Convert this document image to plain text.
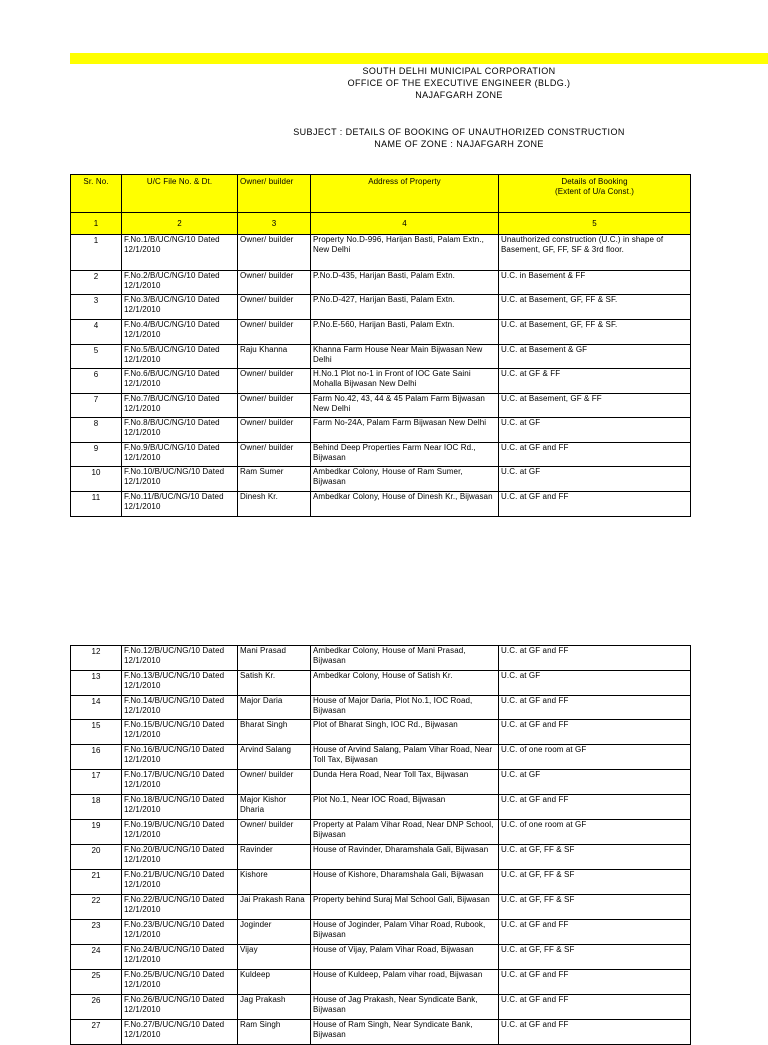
SOUTH DELHI MUNICIPAL CORPORATION
OFFICE OF THE EXECUTIVE ENGINEER (BLDG.)
NAJAFGARH ZONE
SUBJECT : DETAILS OF BOOKING OF UNAUTHORIZED CONSTRUCTION
NAME OF ZONE : NAJAFGARH ZONE
Sr. No.	U/C File No. & Dt.	Owner/ builder	Address of Property	Details of Booking
(Extent of U/a Const.)

1	2	3	4	5
1	F.No.1/B/UC/NG/10 Dated 12/1/2010	Owner/ builder	Property No.D-996, Harijan Basti, Palam Extn., New Delhi	Unauthorized construction (U.C.) in shape of Basement, GF, FF, SF & 3rd floor.
2	F.No.2/B/UC/NG/10 Dated 12/1/2010	Owner/ builder	P.No.D-435, Harijan Basti, Palam Extn.	U.C. in Basement & FF
3	F.No.3/B/UC/NG/10 Dated 12/1/2010	Owner/ builder	P.No.D-427, Harijan Basti, Palam Extn.	U.C. at Basement, GF, FF & SF.
4	F.No.4/B/UC/NG/10 Dated 12/1/2010	Owner/ builder	P.No.E-560, Harijan Basti, Palam Extn.	U.C. at Basement, GF, FF & SF.
5	F.No.5/B/UC/NG/10 Dated 12/1/2010	Raju Khanna	Khanna Farm House Near Main Bijwasan New Delhi	U.C. at Basement & GF
6	F.No.6/B/UC/NG/10 Dated 12/1/2010	Owner/ builder	H.No.1 Plot no-1 in Front of IOC Gate Saini Mohalla Bijwasan New Delhi	U.C. at GF & FF
7	F.No.7/B/UC/NG/10 Dated 12/1/2010	Owner/ builder	Farm No.42, 43, 44 & 45 Palam Farm Bijwasan New Delhi	U.C. at Basement, GF & FF
8	F.No.8/B/UC/NG/10 Dated 12/1/2010	Owner/ builder	Farm No-24A, Palam Farm Bijwasan New Delhi	U.C. at GF
9	F.No.9/B/UC/NG/10 Dated 12/1/2010	Owner/ builder	Behind Deep Properties Farm Near IOC Rd., Bijwasan	U.C. at GF and FF
10	F.No.10/B/UC/NG/10 Dated 12/1/2010	Ram Sumer	Ambedkar Colony, House of Ram Sumer, Bijwasan	U.C. at GF
11	F.No.11/B/UC/NG/10 Dated 12/1/2010	Dinesh Kr.	Ambedkar Colony, House of Dinesh Kr., Bijwasan	U.C. at GF and FF
12	F.No.12/B/UC/NG/10 Dated 12/1/2010	Mani Prasad	Ambedkar Colony, House of Mani Prasad, Bijwasan	U.C. at GF and FF
13	F.No.13/B/UC/NG/10 Dated 12/1/2010	Satish Kr.	Ambedkar Colony, House of Satish Kr.	U.C. at GF
14	F.No.14/B/UC/NG/10 Dated 12/1/2010	Major Daria	House of Major Daria, Plot No.1, IOC Road, Bijwasan	U.C. at GF and FF
15	F.No.15/B/UC/NG/10 Dated 12/1/2010	Bharat Singh	Plot of Bharat Singh, IOC Rd., Bijwasan	U.C. at GF and FF
16	F.No.16/B/UC/NG/10 Dated 12/1/2010	Arvind Salang	House of Arvind Salang, Palam Vihar Road, Near Toll Tax, Bijwasan	U.C. of one room at GF
17	F.No.17/B/UC/NG/10 Dated 12/1/2010	Owner/ builder	Dunda Hera Road, Near Toll Tax, Bijwasan	U.C. at GF
18	F.No.18/B/UC/NG/10 Dated 12/1/2010	Major Kishor Dharia	Plot No.1, Near IOC Road, Bijwasan	U.C. at GF and FF
19	F.No.19/B/UC/NG/10 Dated 12/1/2010	Owner/ builder	Property at Palam Vihar Road, Near DNP School, Bijwasan	U.C. of one room at GF
20	F.No.20/B/UC/NG/10 Dated 12/1/2010	Ravinder	House of Ravinder, Dharamshala Gali, Bijwasan	U.C. at GF, FF & SF
21	F.No.21/B/UC/NG/10 Dated 12/1/2010	Kishore	House of Kishore, Dharamshala Gali, Bijwasan	U.C. at GF, FF & SF
22	F.No.22/B/UC/NG/10 Dated 12/1/2010	Jai Prakash Rana	Property behind Suraj Mal School Gali, Bijwasan	U.C. at GF, FF & SF
23	F.No.23/B/UC/NG/10 Dated 12/1/2010	Joginder	House of Joginder, Palam Vihar Road, Rubook, Bijwasan	U.C. at GF and FF
24	F.No.24/B/UC/NG/10 Dated 12/1/2010	Vijay	House of Vijay, Palam Vihar Road, Bijwasan	U.C. at GF, FF & SF
25	F.No.25/B/UC/NG/10 Dated 12/1/2010	Kuldeep	House of Kuldeep, Palam vihar road, Bijwasan	U.C. at GF and FF
26	F.No.26/B/UC/NG/10 Dated 12/1/2010	Jag Prakash	House of Jag Prakash, Near Syndicate Bank, Bijwasan	U.C. at GF and FF
27	F.No.27/B/UC/NG/10 Dated 12/1/2010	Ram Singh	House of Ram Singh, Near Syndicate Bank, Bijwasan	U.C. at GF and FF
